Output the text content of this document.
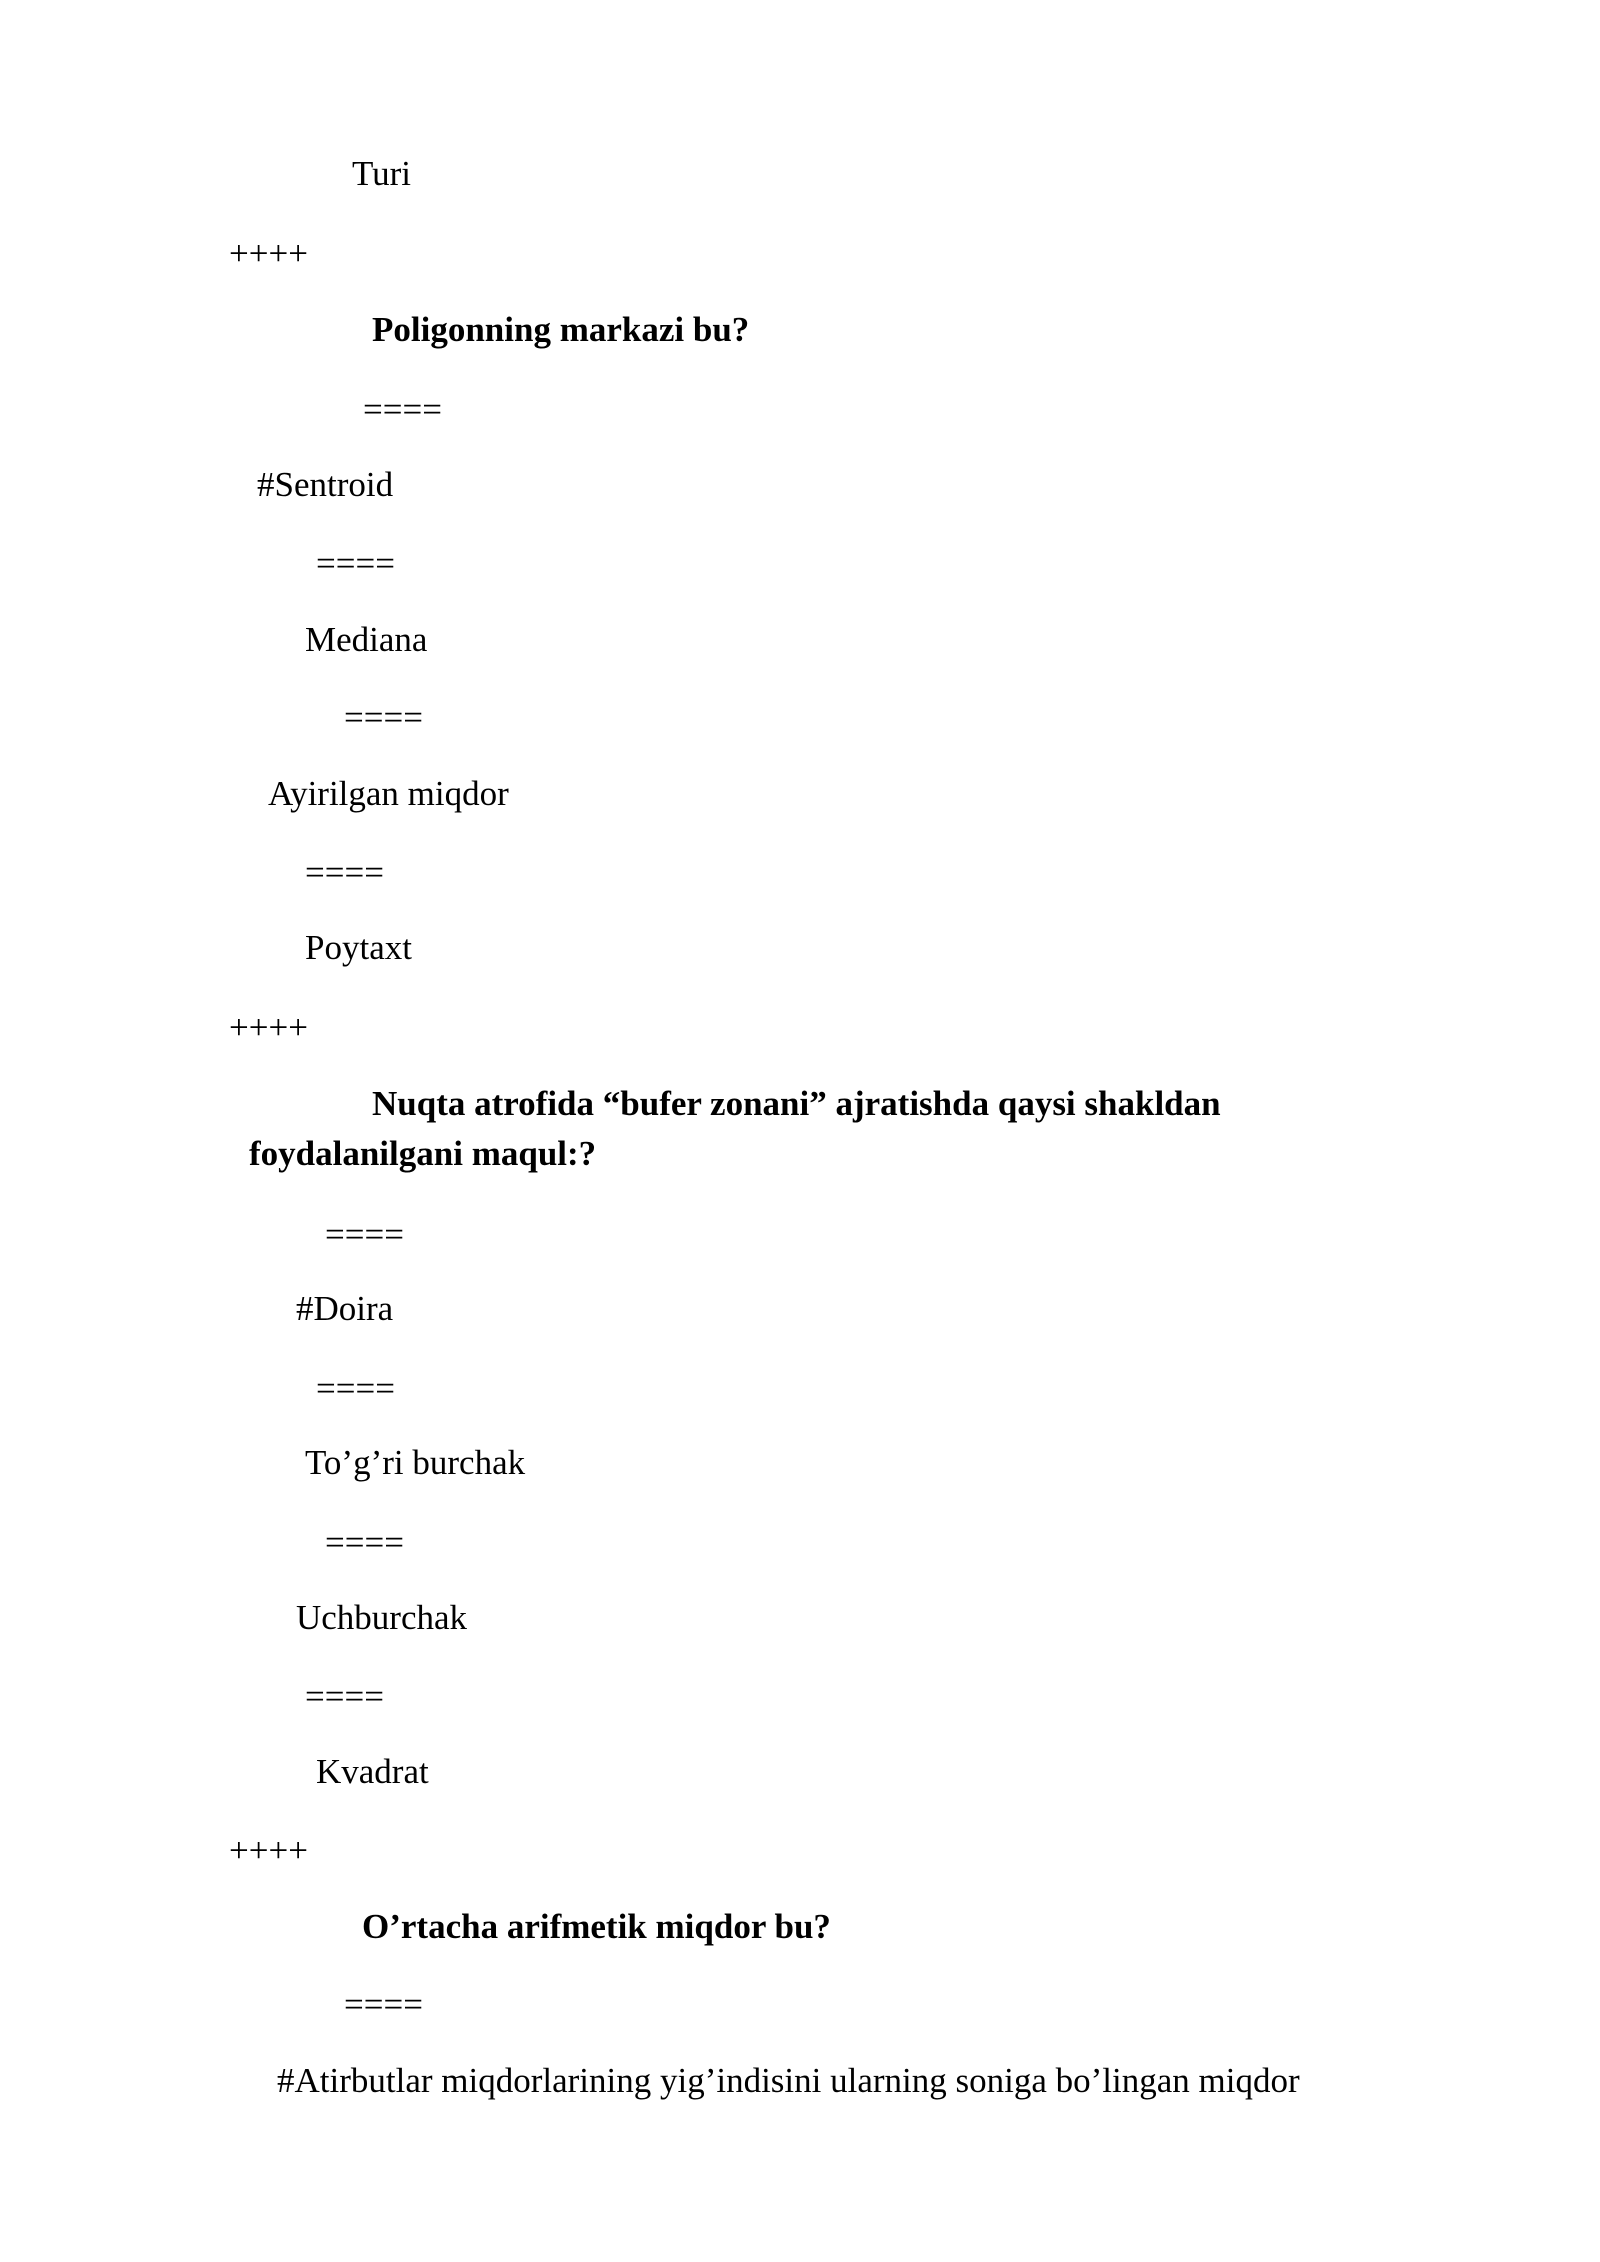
Turi
++++
Poligonning markazi bu?
====
#Sentroid
====
Mediana
====
Ayirilgan miqdor
====
Poytaxt
++++
Nuqta atrofida “bufer zonani” ajratishda qaysi shakldan
foydalanilgani maqul:?
====
#Doira
====
To’g’ri burchak
====
Uchburchak
====
Kvadrat
++++
O’rtacha arifmetik miqdor bu?
====
#Atirbutlar miqdorlarining yig’indisini ularning soniga bo’lingan miqdor
